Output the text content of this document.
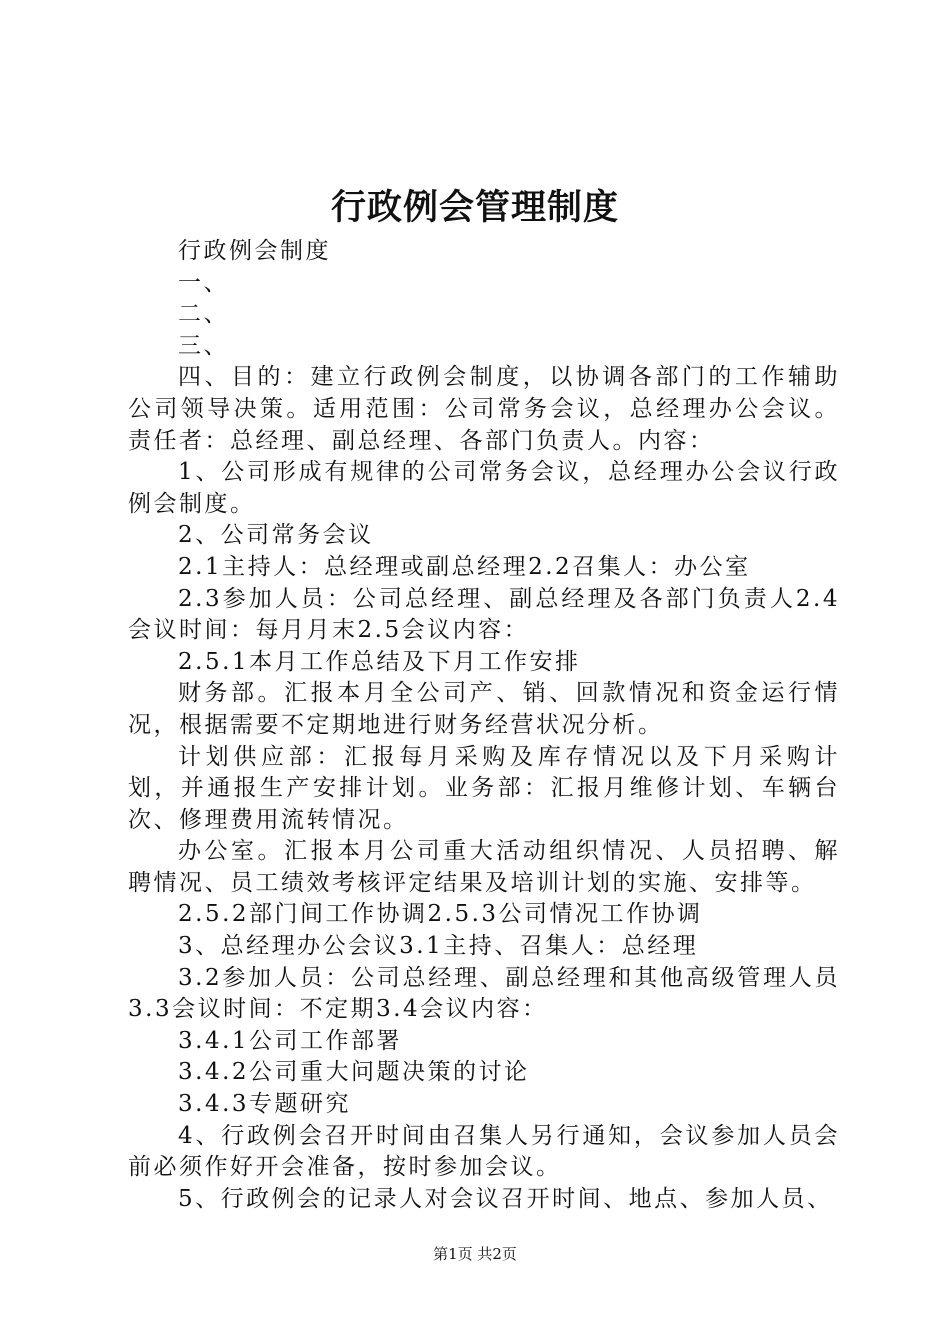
行政例会管理制度

行政例会制度

一、

二、

三、

四、目的：建立行政例会制度，以协调各部门的工作辅助公司领导决策。适用范围：公司常务会议，总经理办公会议。责任者：总经理、副总经理、各部门负责人。内容：

1、公司形成有规律的公司常务会议，总经理办公会议行政例会制度。

2、公司常务会议

2.1主持人：总经理或副总经理2.2召集人：办公室

2.3参加人员：公司总经理、副总经理及各部门负责人2.4会议时间：每月月末2.5会议内容：

2.5.1本月工作总结及下月工作安排

财务部。汇报本月全公司产、销、回款情况和资金运行情况，根据需要不定期地进行财务经营状况分析。

计划供应部：汇报每月采购及库存情况以及下月采购计划，并通报生产安排计划。业务部：汇报月维修计划、车辆台次、修理费用流转情况。

办公室。汇报本月公司重大活动组织情况、人员招聘、解聘情况、员工绩效考核评定结果及培训计划的实施、安排等。

2.5.2部门间工作协调2.5.3公司情况工作协调

3、总经理办公会议3.1主持、召集人：总经理

3.2参加人员：公司总经理、副总经理和其他高级管理人员3.3会议时间：不定期3.4会议内容：

3.4.1公司工作部署

3.4.2公司重大问题决策的讨论

3.4.3专题研究

4、行政例会召开时间由召集人另行通知，会议参加人员会前必须作好开会准备，按时参加会议。

5、行政例会的记录人对会议召开时间、地点、参加人员、

第1页 共2页
